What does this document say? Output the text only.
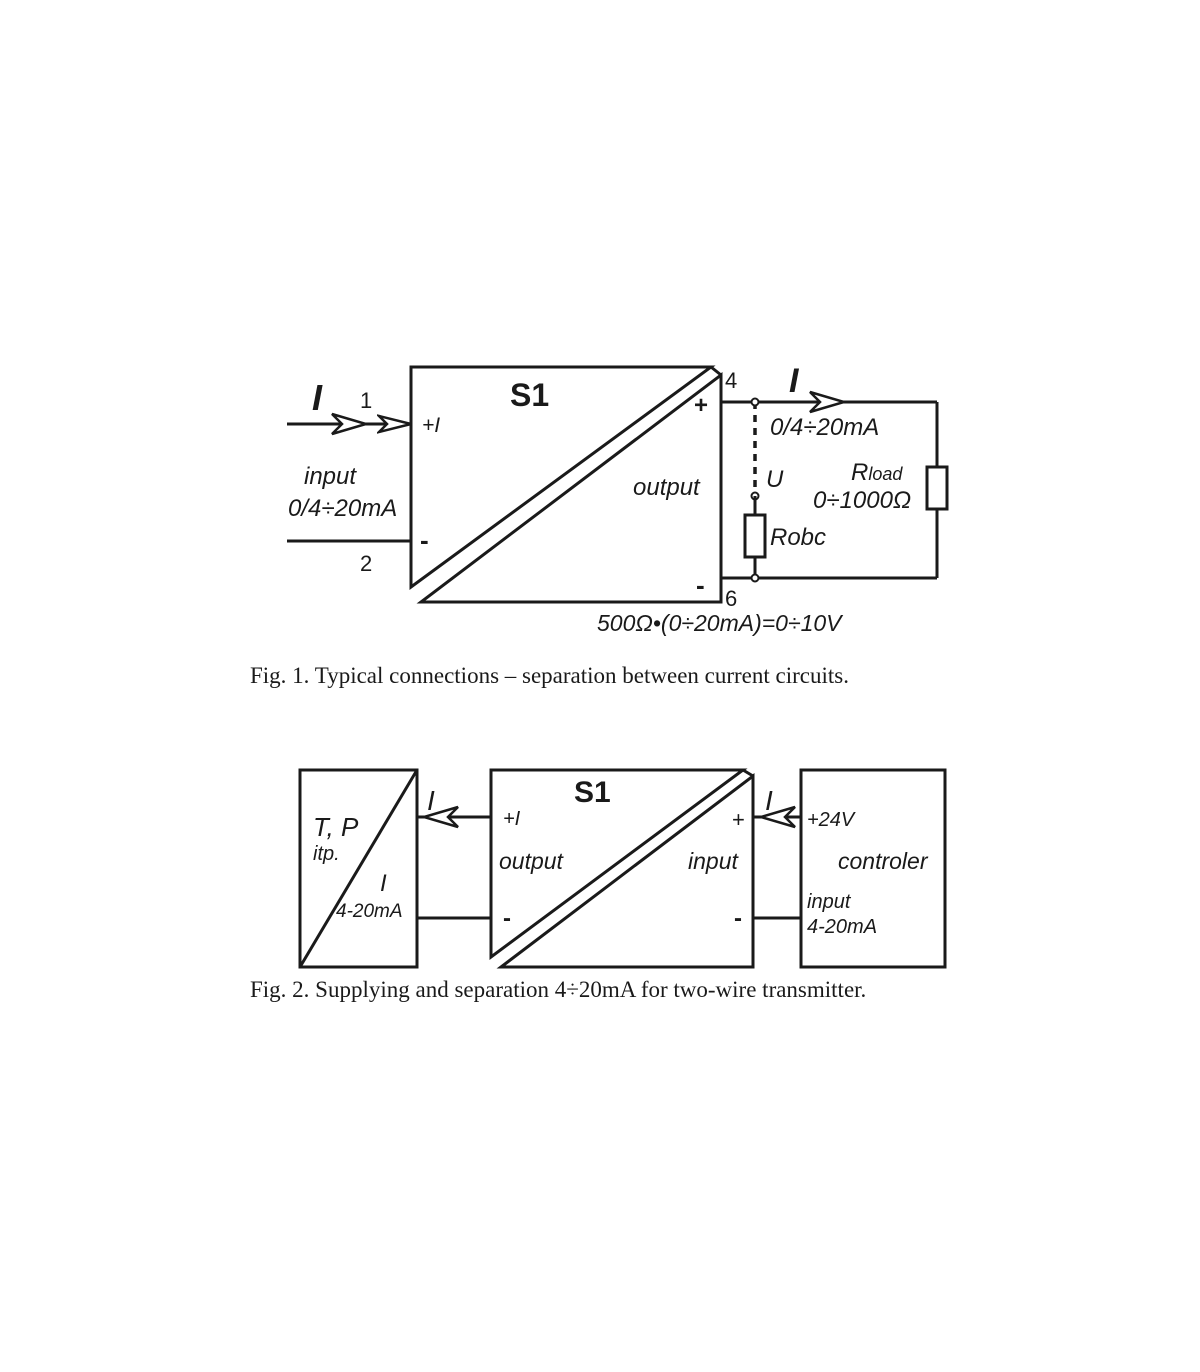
S1
I 1
2
+I
-
input
0/4÷20mA
output
+
-
4
6
I
0/4÷20mA
U	Rload
0÷1000Ω
Robc
500Ω•(0÷20mA)=0÷10V
Fig. 1. Typical connections – separation between current circuits.
S1
T, P
itp.
I
4-20mA
I
+I
output
-
+
input
-
I
+24V
controler
input
4-20mA
Fig. 2. Supplying and separation 4÷20mA for two-wire transmitter.
